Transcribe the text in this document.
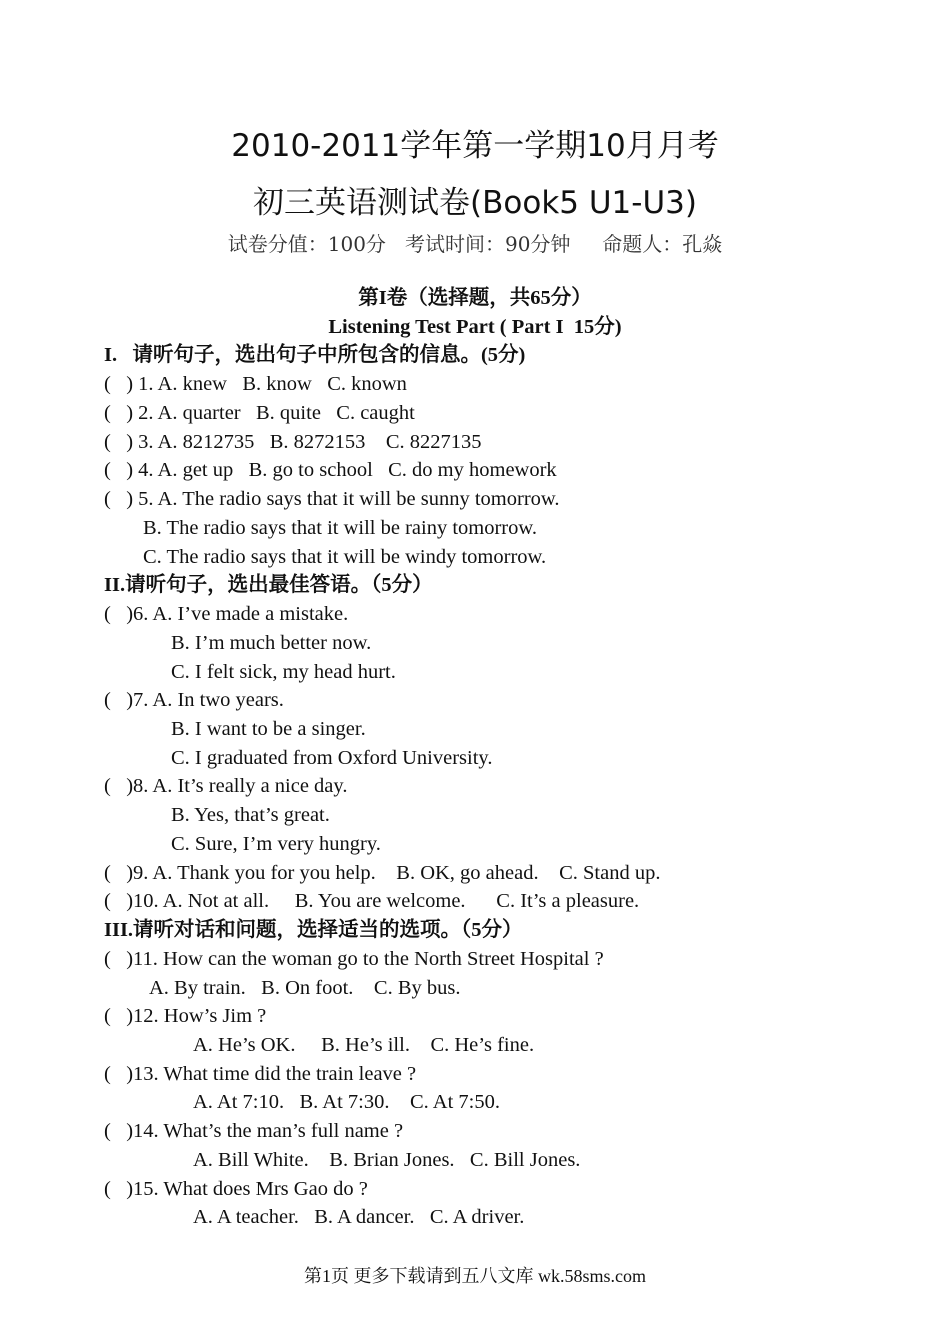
2010-2011学年第一学期10月月考
初三英语测试卷(Book5 U1-U3)
试卷分值：100分   考试时间：90分钟     命题人：孔焱
第I卷（选择题，共65分）
Listening Test Part ( Part I  15分)
I.   请听句子，选出句子中所包含的信息。(5分)
(   ) 1. A. knew   B. know   C. known
(   ) 2. A. quarter   B. quite   C. caught
(   ) 3. A. 8212735   B. 8272153    C. 8227135
(   ) 4. A. get up   B. go to school   C. do my homework
(   ) 5. A. The radio says that it will be sunny tomorrow.
B. The radio says that it will be rainy tomorrow.
C. The radio says that it will be windy tomorrow.
II.请听句子，选出最佳答语。（5分）
(   )6. A. I’ve made a mistake.
B. I’m much better now.
C. I felt sick, my head hurt.
(   )7. A. In two years.
B. I want to be a singer.
C. I graduated from Oxford University.
(   )8. A. It’s really a nice day.
B. Yes, that’s great.
C. Sure, I’m very hungry.
(   )9. A. Thank you for you help.    B. OK, go ahead.    C. Stand up.
(   )10. A. Not at all.     B. You are welcome.      C. It’s a pleasure.
III.请听对话和问题，选择适当的选项。（5分）
(   )11. How can the woman go to the North Street Hospital ?
A. By train.   B. On foot.    C. By bus.
(   )12. How’s Jim ?
A. He’s OK.     B. He’s ill.    C. He’s fine.
(   )13. What time did the train leave ?
A. At 7:10.   B. At 7:30.    C. At 7:50.
(   )14. What’s the man’s full name ?
A. Bill White.    B. Brian Jones.   C. Bill Jones.
(   )15. What does Mrs Gao do ?
A. A teacher.   B. A dancer.   C. A driver.
第1页 更多下载请到五八文库 wk.58sms.com
